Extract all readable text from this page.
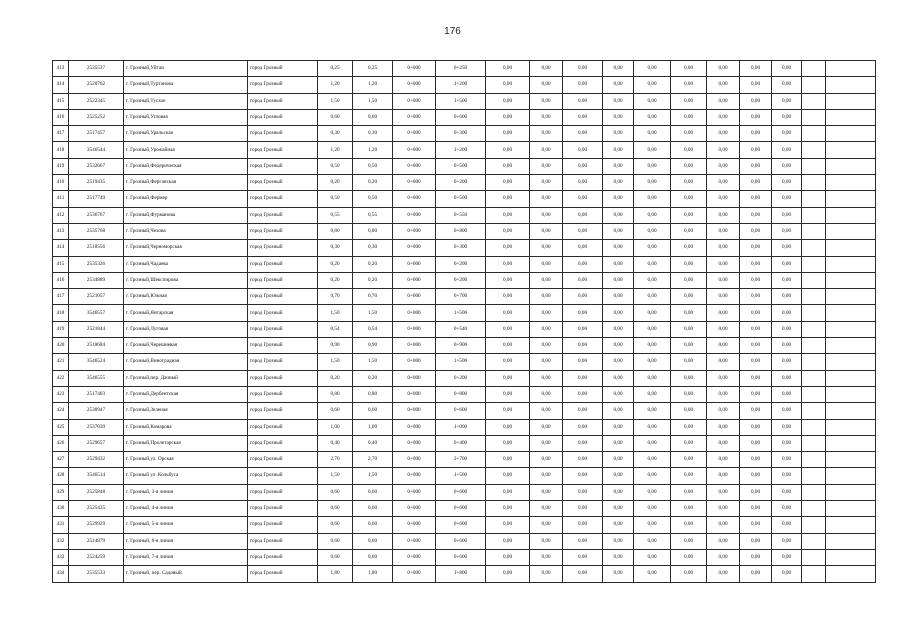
176
413	2535537	г. Грозный,Уйтан	город Грозный	0,25	0,25	0+000	0+250	0,00	0,00	0,00	0,00	0,00	0,00	0,00	0,00	0,00		
414	2520762	г. Грозный,Туртанова	город Грозный	1,20	1,20	0+000	1+200	0,00	0,00	0,00	0,00	0,00	0,00	0,00	0,00	0,00		
415	2522345	г. Грозный,Тусхое	город Грозный	1,50	1,50	0+000	1+500	0,00	0,00	0,00	0,00	0,00	0,00	0,00	0,00	0,00		
416	2525252	г. Грозный,Угловая	город Грозный	0,60	0,60	0+000	0+600	0,00	0,00	0,00	0,00	0,00	0,00	0,00	0,00	0,00		
417	2517457	г. Грозный,Уральская	город Грозный	0,30	0,30	0+000	0+300	0,00	0,00	0,00	0,00	0,00	0,00	0,00	0,00	0,00		
418	3546544	г. Грозный,Урожайная	город Грозный	1,20	1,20	0+000	1+200	0,00	0,00	0,00	0,00	0,00	0,00	0,00	0,00	0,00		
419	2532667	г. Грозный,Федерическая	город Грозный	0,50	0,50	0+000	0+500	0,00	0,00	0,00	0,00	0,00	0,00	0,00	0,00	0,00		
410	2519435	г. Грозный,Ферганская	город Грозный	0,20	0,20	0+000	0+200	0,00	0,00	0,00	0,00	0,00	0,00	0,00	0,00	0,00		
411	2517749	г. Грозный,Фермер	город Грозный	0,50	0,50	0+000	0+500	0,00	0,00	0,00	0,00	0,00	0,00	0,00	0,00	0,00		
412	2536767	г. Грозный,Фурманова	город Грозный	0,55	0,55	0+000	0+550	0,00	0,00	0,00	0,00	0,00	0,00	0,00	0,00	0,00		
413	2535768	г. Грозный,Чехова	город Грозный	0,80	0,80	0+000	0+800	0,00	0,00	0,00	0,00	0,00	0,00	0,00	0,00	0,00		
414	2518556	г. Грозный,Черноморская	город Грозный	0,30	0,30	0+000	0+300	0,00	0,00	0,00	0,00	0,00	0,00	0,00	0,00	0,00		
415	2535326	г. Грозный,Чадаева	город Грозный	0,20	0,20	0+000	0+200	0,00	0,00	0,00	0,00	0,00	0,00	0,00	0,00	0,00		
416	2534889	г. Грозный,Шекспирова	город Грозный	0,20	0,20	0+000	0+200	0,00	0,00	0,00	0,00	0,00	0,00	0,00	0,00	0,00		
417	2521057	г. Грозный,Южная	город Грозный	0,70	0,70	0+000	0+700	0,00	0,00	0,00	0,00	0,00	0,00	0,00	0,00	0,00		
418	3546557	г. Грозный,Янтарская	город Грозный	1,50	1,50	0+000	1+500	0,00	0,00	0,00	0,00	0,00	0,00	0,00	0,00	0,00		
419	2521844	г. Грозный,Луговая	город Грозный	0,54	0,54	0+000	0+540	0,00	0,00	0,00	0,00	0,00	0,00	0,00	0,00	0,00		
420	2518684	г. Грозный,Черешневая	город Грозный	0,90	0,90	0+000	0+900	0,00	0,00	0,00	0,00	0,00	0,00	0,00	0,00	0,00		
421	3546524	г. Грозный,Виноградная	город Грозный	1,50	1,50	0+000	1+500	0,00	0,00	0,00	0,00	0,00	0,00	0,00	0,00	0,00		
422	3546555	г. Грозный,пер. Дачный	город Грозный	0,20	0,20	0+000	0+200	0,00	0,00	0,00	0,00	0,00	0,00	0,00	0,00	0,00		
423	2517403	г. Грозный,Дербентская	город Грозный	0,80	0,80	0+000	0+800	0,00	0,00	0,00	0,00	0,00	0,00	0,00	0,00	0,00		
424	2530947	г. Грозный,Зеленая	город Грозный	0,60	0,60	0+000	0+600	0,00	0,00	0,00	0,00	0,00	0,00	0,00	0,00	0,00		
425	2537039	г. Грозный,Комарова	город Грозный	1,00	1,00	0+000	1+000	0,00	0,00	0,00	0,00	0,00	0,00	0,00	0,00	0,00		
426	2529657	г. Грозный,Пролетарская	город Грозный	0,40	0,40	0+000	0+400	0,00	0,00	0,00	0,00	0,00	0,00	0,00	0,00	0,00		
427	2529432	г. Грозный,ул. Орская	город Грозный	2,70	2,70	0+000	2+700	0,00	0,00	0,00	0,00	0,00	0,00	0,00	0,00	0,00		
428	3546514	г. Грозный ул. Кольбуса	город Грозный	1,50	1,50	0+000	1+500	0,00	0,00	0,00	0,00	0,00	0,00	0,00	0,00	0,00		
429	2525848	г. Грозный, 3-я линия	город Грозный	0,60	0,60	0+000	0+600	0,00	0,00	0,00	0,00	0,00	0,00	0,00	0,00	0,00		
430	2525435	г. Грозный, 4-я линия	город Грозный	0,60	0,60	0+000	0+600	0,00	0,00	0,00	0,00	0,00	0,00	0,00	0,00	0,00		
431	2529929	г. Грозный, 5-я линия	город Грозный	0,60	0,60	0+000	0+600	0,00	0,00	0,00	0,00	0,00	0,00	0,00	0,00	0,00		
432	2514879	г. Грозный, 6-я линия	город Грозный	0,60	0,60	0+000	0+600	0,00	0,00	0,00	0,00	0,00	0,00	0,00	0,00	0,00		
433	2524259	г. Грозный, 7-я линия	город Грозный	0,60	0,60	0+000	0+600	0,00	0,00	0,00	0,00	0,00	0,00	0,00	0,00	0,00		
434	2535533	г. Грозный, пер. Садовый	город Грозный	1,80	1,80	0+000	1+800	0,00	0,00	0,00	0,00	0,00	0,00	0,00	0,00	0,00		
